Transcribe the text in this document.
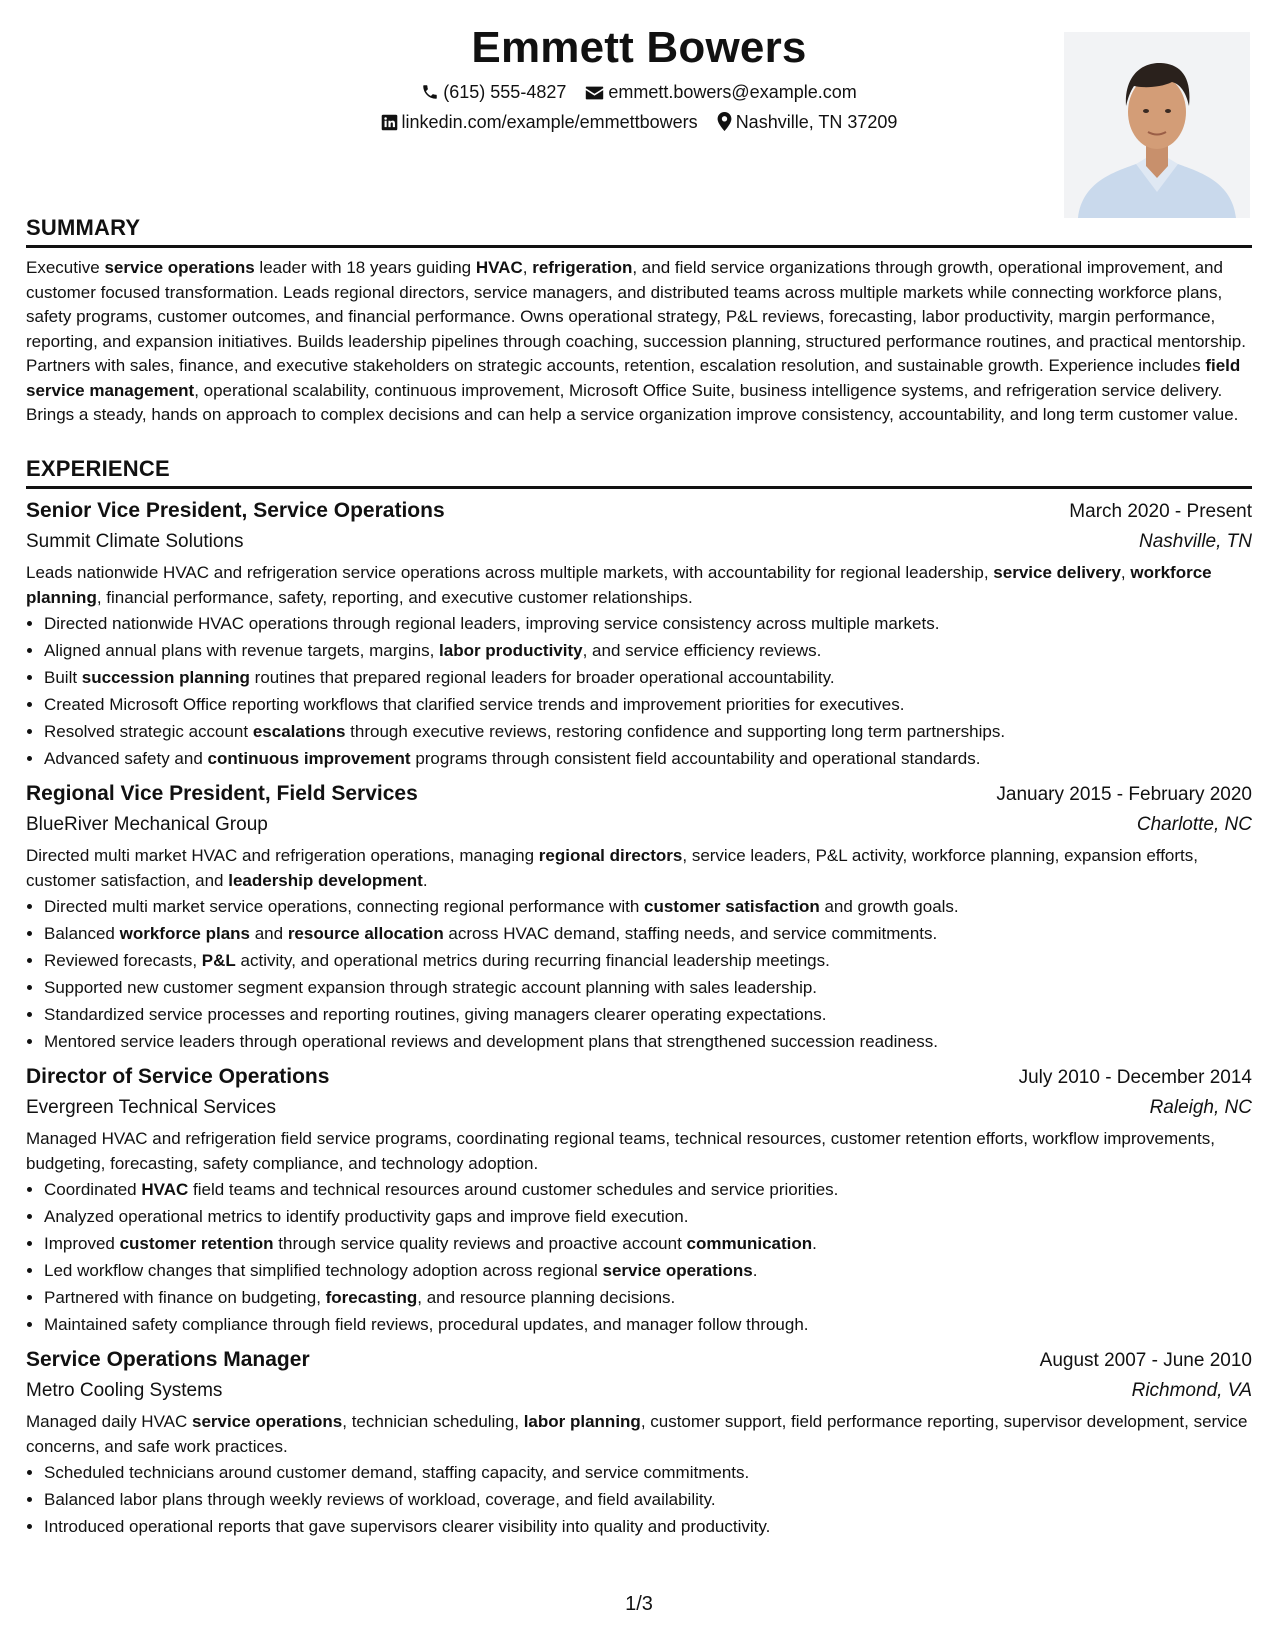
Emmett Bowers
(615) 555-4827 emmett.bowers@example.com
linkedin.com/example/emmettbowers Nashville, TN 37209
SUMMARY
Executive service operations leader with 18 years guiding HVAC, refrigeration, and field service organizations through growth, operational improvement, and customer focused transformation. Leads regional directors, service managers, and distributed teams across multiple markets while connecting workforce plans, safety programs, customer outcomes, and financial performance. Owns operational strategy, P&L reviews, forecasting, labor productivity, margin performance, reporting, and expansion initiatives. Builds leadership pipelines through coaching, succession planning, structured performance routines, and practical mentorship. Partners with sales, finance, and executive stakeholders on strategic accounts, retention, escalation resolution, and sustainable growth. Experience includes field service management, operational scalability, continuous improvement, Microsoft Office Suite, business intelligence systems, and refrigeration service delivery. Brings a steady, hands on approach to complex decisions and can help a service organization improve consistency, accountability, and long term customer value.
EXPERIENCE
Senior Vice President, Service Operations	March 2020 - Present
Summit Climate Solutions	Nashville, TN
Leads nationwide HVAC and refrigeration service operations across multiple markets, with accountability for regional leadership, service delivery, workforce planning, financial performance, safety, reporting, and executive customer relationships.
• Directed nationwide HVAC operations through regional leaders, improving service consistency across multiple markets.
• Aligned annual plans with revenue targets, margins, labor productivity, and service efficiency reviews.
• Built succession planning routines that prepared regional leaders for broader operational accountability.
• Created Microsoft Office reporting workflows that clarified service trends and improvement priorities for executives.
• Resolved strategic account escalations through executive reviews, restoring confidence and supporting long term partnerships.
• Advanced safety and continuous improvement programs through consistent field accountability and operational standards.
Regional Vice President, Field Services	January 2015 - February 2020
BlueRiver Mechanical Group	Charlotte, NC
Directed multi market HVAC and refrigeration operations, managing regional directors, service leaders, P&L activity, workforce planning, expansion efforts, customer satisfaction, and leadership development.
• Directed multi market service operations, connecting regional performance with customer satisfaction and growth goals.
• Balanced workforce plans and resource allocation across HVAC demand, staffing needs, and service commitments.
• Reviewed forecasts, P&L activity, and operational metrics during recurring financial leadership meetings.
• Supported new customer segment expansion through strategic account planning with sales leadership.
• Standardized service processes and reporting routines, giving managers clearer operating expectations.
• Mentored service leaders through operational reviews and development plans that strengthened succession readiness.
Director of Service Operations	July 2010 - December 2014
Evergreen Technical Services	Raleigh, NC
Managed HVAC and refrigeration field service programs, coordinating regional teams, technical resources, customer retention efforts, workflow improvements, budgeting, forecasting, safety compliance, and technology adoption.
• Coordinated HVAC field teams and technical resources around customer schedules and service priorities.
• Analyzed operational metrics to identify productivity gaps and improve field execution.
• Improved customer retention through service quality reviews and proactive account communication.
• Led workflow changes that simplified technology adoption across regional service operations.
• Partnered with finance on budgeting, forecasting, and resource planning decisions.
• Maintained safety compliance through field reviews, procedural updates, and manager follow through.
Service Operations Manager	August 2007 - June 2010
Metro Cooling Systems	Richmond, VA
Managed daily HVAC service operations, technician scheduling, labor planning, customer support, field performance reporting, supervisor development, service concerns, and safe work practices.
• Scheduled technicians around customer demand, staffing capacity, and service commitments.
• Balanced labor plans through weekly reviews of workload, coverage, and field availability.
• Introduced operational reports that gave supervisors clearer visibility into quality and productivity.
1/3
